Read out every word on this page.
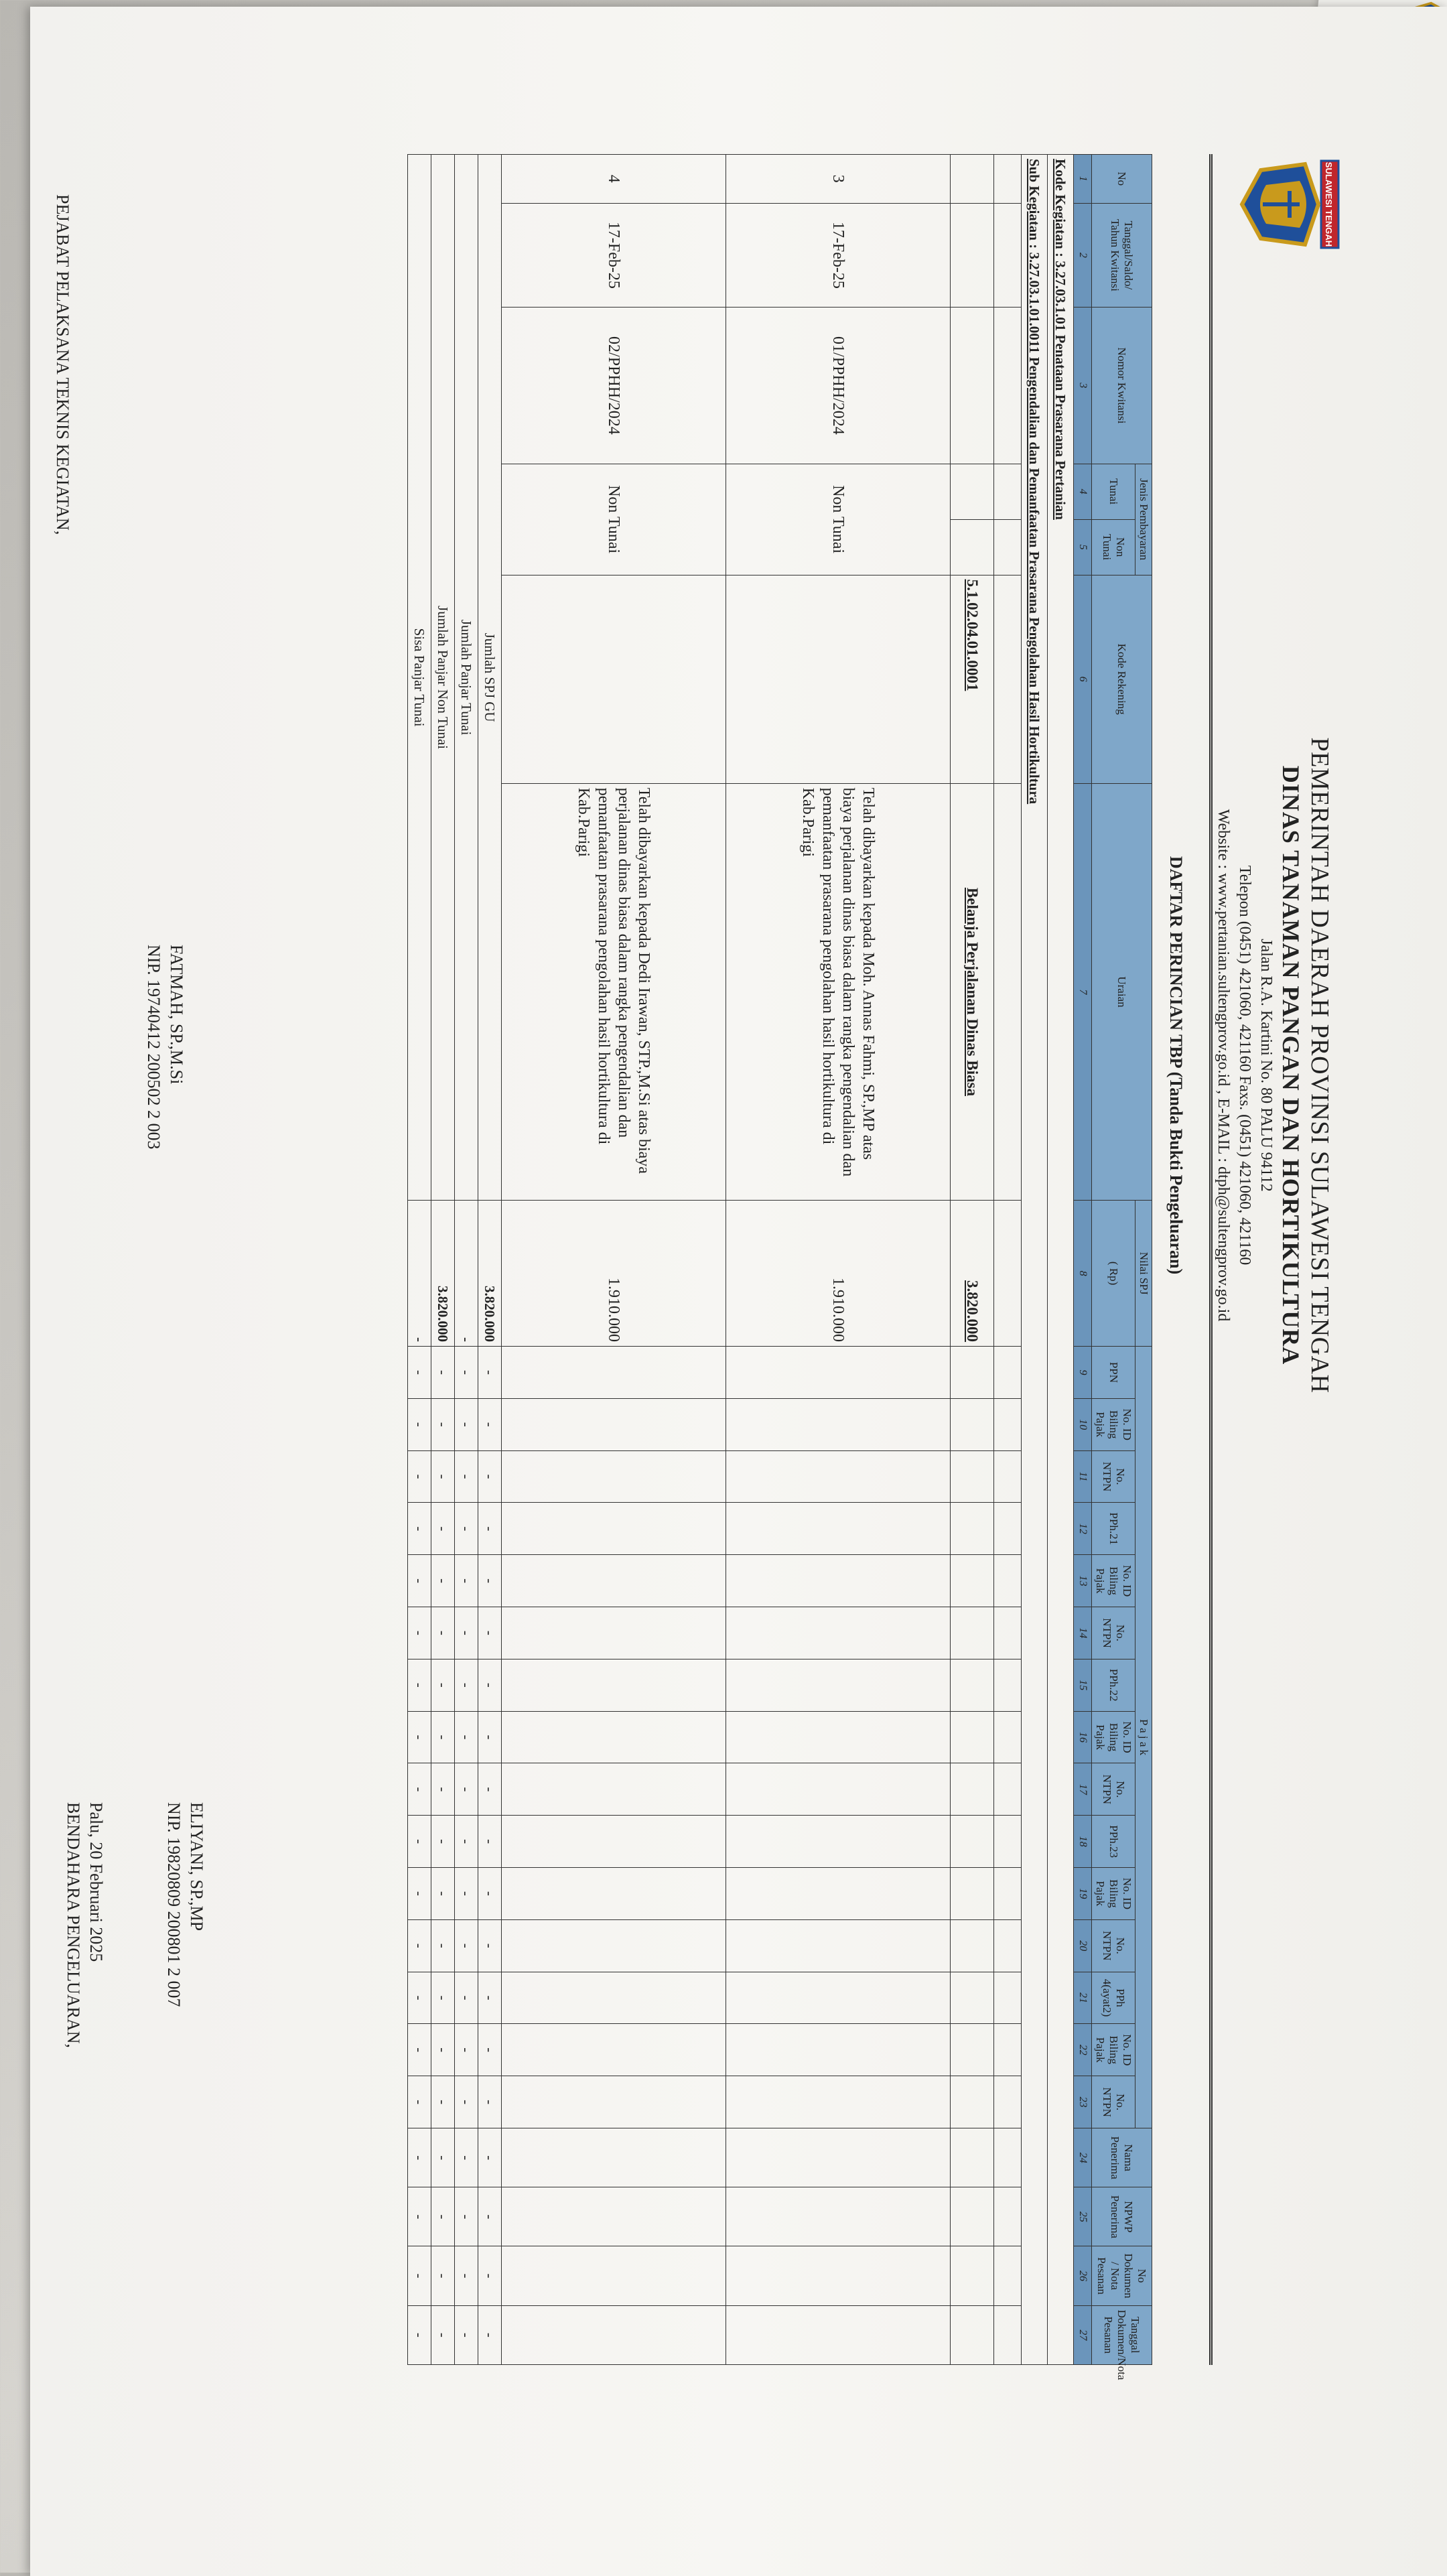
SULAWESI TENGAH
PEMERINTAH DAERAH PROVINSI SULAWESI TENGAH
DINAS TANAMAN PANGAN DAN HORTIKULTURA
Jalan R.A. Kartini No. 80 PALU 94112
Telepon (0451) 421060, 421160 Faxs. (0451) 421060, 421160
Website : www.pertanian.sultengprov.go.id , E-MAIL : dtph@sultengprov.go.id
DAFTAR PERINCIAN TBP (Tanda Bukti Pengeluaran)
No	Tanggal/Saldo/ Tahun Kwitansi	Nomor Kwitansi	Jenis Pembayaran		Kode Rekening	Uraian	Nilai SPJ	P a j a k															Nama Penerima	NPWP Penerima	No Dokumen / Nota Pesanan	Tanggal Dokumen/Nota Pesanan
								PPN	No. ID Biling Pajak	No. NTPN	PPh.21	No. ID Biling Pajak	No. NTPN	PPh.22	No. ID Biling Pajak	No. NTPN	PPh.23	No. ID Biling Pajak	No. NTPN	PPh 4(ayat2)	No. ID Biling Pajak	No. NTPN				
			Tunai	Non Tunai			( Rp)																			
1	2	3	4	5	6	7	8	9	10	11	12	13	14	15	16	17	18	19	20	21	22	23	24	25	26	27
Kode Kegiatan : 3.27.03.1.01 Penataan Prasarana Pertanian																										
Sub Kegiatan : 3.27.03.1.01.0011 Pengendalian dan Pemanfaatan Prasarana Pengolahan Hasil Hortikultura																										

					5.1.02.04.01.0001	Belanja Perjalanan Dinas Biasa	3.820.000																			
3	17-Feb-25	01/PPHH/2024	Non Tunai			Telah dibayarkan kepada Moh. Annas Fahmi, SP.,MP atas biaya perjalanan dinas biasa dalam rangka pengendalian dan pemanfaatan prasarana pengolahan hasil hortikultura di Kab.Parigi	1.910.000																			
4	17-Feb-25	02/PPHH/2024	Non Tunai			Telah dibayarkan kepada Dedi Irawan, STP.,M.Si atas biaya perjalanan dinas biasa dalam rangka pengendalian dan pemanfaatan prasarana pengolahan hasil hortikultura di Kab.Parigi	1.910.000																			
Jumlah SPJ GU							3.820.000	-	-	-	-	-	-	-	-	-	-	-	-	-	-	-	-	-	-	-
Jumlah Panjar Tunai							-	-	-	-	-	-	-	-	-	-	-	-	-	-	-	-	-	-	-	-
Jumlah Panjar Non Tunai							3.820.000	-	-	-	-	-	-	-	-	-	-	-	-	-	-	-	-	-	-	-
Sisa Panjar Tunai							-	-	-	-	-	-	-	-	-	-	-	-	-	-	-	-	-	-	-	-
PEJABAT PELAKSANA TEKNIS KEGIATAN,
FATMAH, SP.,M.Si
NIP. 19740412 200502 2 003
Palu, 20 Februari 2025
BENDAHARA PENGELUARAN,	ELIYANI, SP.,MP
NIP. 19820809 200801 2 007
